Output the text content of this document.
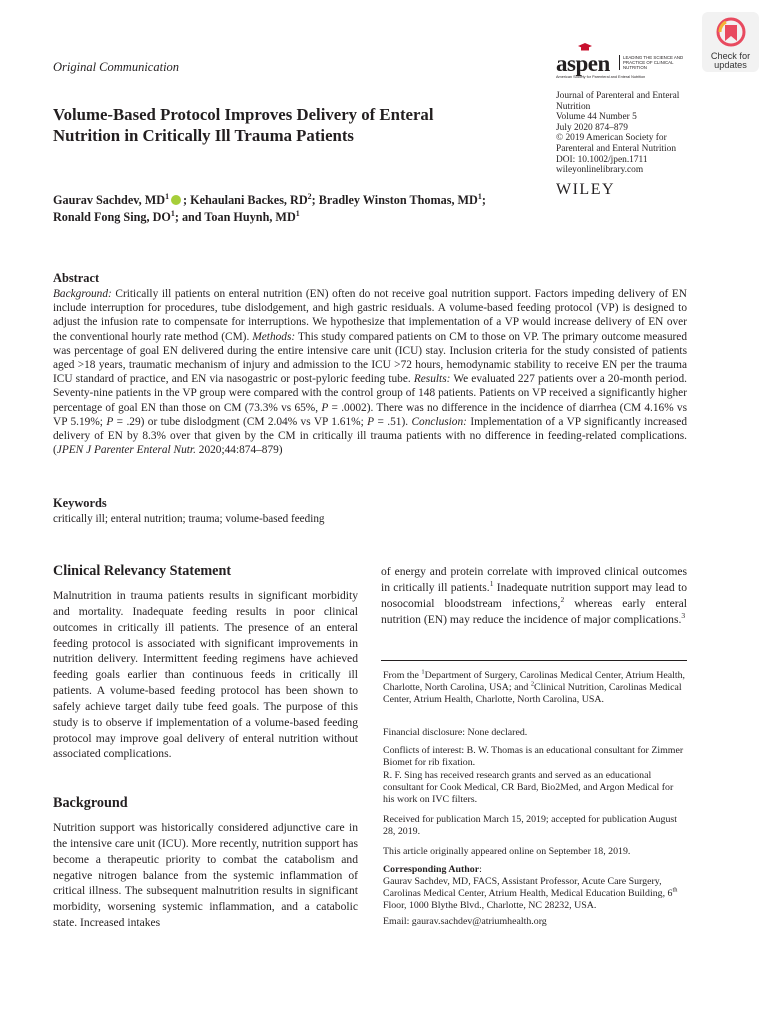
Original Communication	aspen	LEADING THE SCIENCE AND PRACTICE OF CLINICAL NUTRITION
American Society for Parenteral and Enteral Nutrition
Check for
updates
Volume-Based Protocol Improves Delivery of Enteral Nutrition in Critically Ill Trauma Patients
Journal of Parenteral and Enteral
Nutrition
Volume 44 Number 5
July 2020 874–879
© 2019 American Society for
Parenteral and Enteral Nutrition
DOI: 10.1002/jpen.1711
wileyonlinelibrary.com
WILEY
Gaurav Sachdev, $MD^1$ ; Kehaulani Backes, $RD^2$; Bradley Winston Thomas, $MD^1$;
Ronald Fong Sing, $DO^1$; and Toan Huynh, $MD^1$
Abstract
Background: Critically ill patients on enteral nutrition (EN) often do not receive goal nutrition support. Factors impeding delivery of EN include interruption for procedures, tube dislodgement, and high gastric residuals. A volume-based feeding protocol (VP) is designed to adjust the infusion rate to compensate for interruptions. We hypothesize that implementation of a VP would increase delivery of EN over the conventional hourly rate method (CM). Methods: This study compared patients on CM to those on VP. The primary outcome measured was percentage of goal EN delivered during the entire intensive care unit (ICU) stay. Inclusion criteria for the study consisted of patients aged >18 years, traumatic mechanism of injury and admission to the ICU >72 hours, hemodynamic stability to receive EN per the trauma ICU standard of practice, and EN via nasogastric or post-pyloric feeding tube. Results: We evaluated 227 patients over a 20-month period. Seventy-nine patients in the VP group were compared with the control group of 148 patients. Patients on VP received a significantly higher percentage of goal EN than those on CM (73.3% vs 65%, P = .0002). There was no difference in the incidence of diarrhea (CM 4.16% vs VP 5.19%; P = .29) or tube dislodgment (CM 2.04% vs VP 1.61%; P = .51). Conclusion: Implementation of a VP significantly increased delivery of EN by 8.3% over that given by the CM in critically ill trauma patients with no difference in feeding-related complications. (JPEN J Parenter Enteral Nutr. 2020;44:874–879)
Keywords
critically ill; enteral nutrition; trauma; volume-based feeding
Clinical Relevancy Statement
Malnutrition in trauma patients results in significant morbidity and mortality. Inadequate feeding results in poor clinical outcomes in critically ill patients. The presence of an enteral feeding protocol is associated with significant improvements in nutrition delivery. Intermittent feeding regimens have achieved feeding goals earlier than continuous feeds in critically ill patients. A volume-based feeding protocol has been shown to safely achieve target daily tube feed goals. The purpose of this study is to observe if implementation of a volume-based feeding protocol may improve goal delivery of enteral nutrition without associated complications.
Background
Nutrition support was historically considered adjunctive care in the intensive care unit (ICU). More recently, nutrition support has become a therapeutic priority to combat the catabolism and negative nitrogen balance from the systemic inflammation of critical illness. The subsequent malnutrition results in significant morbidity, worsening systemic inflammation, and a catabolic state. Increased intakes
of energy and protein correlate with improved clinical outcomes in critically ill patients.$^1$ Inadequate nutrition support may lead to nosocomial bloodstream infections,$^2$ whereas early enteral nutrition (EN) may reduce the incidence of major complications.$^3$
From the $^1$Department of Surgery, Carolinas Medical Center, Atrium Health, Charlotte, North Carolina, USA; and $^2$Clinical Nutrition, Carolinas Medical Center, Atrium Health, Charlotte, North Carolina, USA.
Financial disclosure: None declared.
Conflicts of interest: B. W. Thomas is an educational consultant for Zimmer Biomet for rib fixation.
R. F. Sing has received research grants and served as an educational consultant for Cook Medical, CR Bard, Bio2Med, and Argon Medical for his work on IVC filters.
Received for publication March 15, 2019; accepted for publication August 28, 2019.
This article originally appeared online on September 18, 2019.
Corresponding Author:
Gaurav Sachdev, MD, FACS, Assistant Professor, Acute Care Surgery, Carolinas Medical Center, Atrium Health, Medical Education Building, 6th Floor, 1000 Blythe Blvd., Charlotte, NC 28232, USA.
Email: gaurav.sachdev@atriumhealth.org
